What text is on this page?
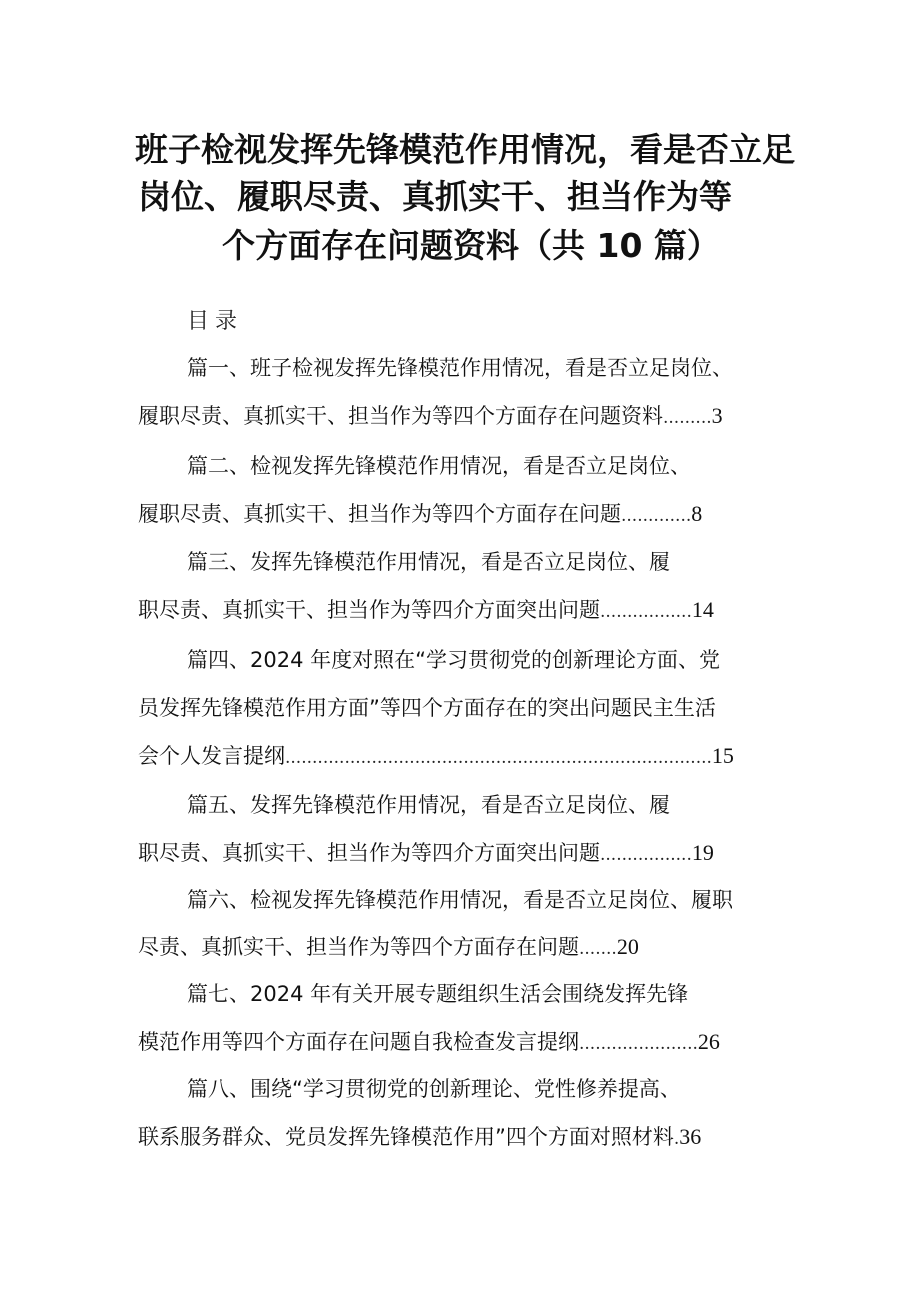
班子检视发挥先锋模范作用情况，看是否立足
岗位、履职尽责、真抓实干、担当作为等
个方面存在问题资料（共 10 篇）
目录
篇一、班子检视发挥先锋模范作用情况，看是否立足岗位、
履职尽责、真抓实干、担当作为等四个方面存在问题资料 ......... 3
篇二、检视发挥先锋模范作用情况，看是否立足岗位、
履职尽责、真抓实干、担当作为等四个方面存在问题 ............. 8
篇三、发挥先锋模范作用情况，看是否立足岗位、履
职尽责、真抓实干、担当作为等四介方面突出问题 ................. 14
篇四、2024 年度对照在“学习贯彻党的创新理论方面、党
员发挥先锋模范作用方面”等四个方面存在的突出问题民主生活
会个人发言提纲 ............................................................................... 15
篇五、发挥先锋模范作用情况，看是否立足岗位、履
职尽责、真抓实干、担当作为等四介方面突出问题 ................. 19
篇六、检视发挥先锋模范作用情况，看是否立足岗位、履职
尽责、真抓实干、担当作为等四个方面存在问题 ....... 20
篇七、2024 年有关开展专题组织生活会围绕发挥先锋
模范作用等四个方面存在问题自我检查发言提纲 ...................... 26
篇八、围绕“学习贯彻党的创新理论、党性修养提高、
联系服务群众、党员发挥先锋模范作用”四个方面对照材料 . 36
